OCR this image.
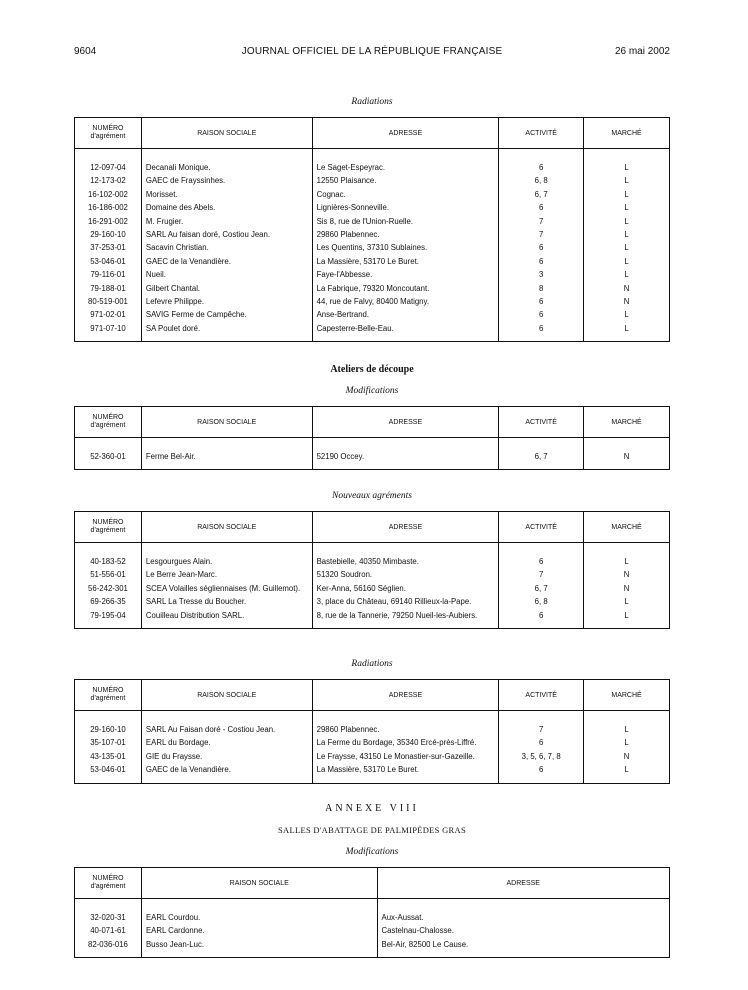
9604	JOURNAL OFFICIEL DE LA RÉPUBLIQUE FRANÇAISE	26 mai 2002
Radiations
NUMÉRO
d'agrément	RAISON SOCIALE	ADRESSE	ACTIVITÉ	MARCHÉ

12-097-04	Decanali Monique.	Le Saget-Espeyrac.	6	L
12-173-02	GAEC de Frayssinhes.	12550 Plaisance.	6, 8	L
16-102-002	Morisset.	Cognac.	6, 7	L
16-186-002	Domaine des Abels.	Lignières-Sonneville.	6	L
16-291-002	M. Frugier.	Sis 8, rue de l'Union-Ruelle.	7	L
29-160-10	SARL Au faisan doré, Costiou Jean.	29860 Plabennec.	7	L
37-253-01	Sacavin Christian.	Les Quentins, 37310 Sublaines.	6	L
53-046-01	GAEC de la Venandière.	La Massière, 53170 Le Buret.	6	L
79-116-01	Nueil.	Faye-l'Abbesse.	3	L
79-188-01	Gilbert Chantal.	La Fabrique, 79320 Moncoutant.	8	N
80-519-001	Lefevre Philippe.	44, rue de Falvy, 80400 Matigny.	6	N
971-02-01	SAVIG Ferme de Campêche.	Anse-Bertrand.	6	L
971-07-10	SA Poulet doré.	Capesterre-Belle-Eau.	6	L

Ateliers de découpe
Modifications
NUMÉRO
d'agrément	RAISON SOCIALE	ADRESSE	ACTIVITÉ	MARCHÉ

52-360-01	Ferme Bel-Air.	52190 Occey.	6, 7	N

Nouveaux agréments
NUMÉRO
d'agrément	RAISON SOCIALE	ADRESSE	ACTIVITÉ	MARCHÉ

40-183-52	Lesgourgues Alain.	Bastebielle, 40350 Mimbaste.	6	L
51-556-01	Le Berre Jean-Marc.	51320 Soudron.	7	N
56-242-301	SCEA Volailles ségliennaises (M. Guillemot).	Ker-Anna, 56160 Séglien.	6, 7	N
69-266-35	SARL La Tresse du Boucher.	3, place du Château, 69140 Rillieux-la-Pape.	6, 8	L
79-195-04	Couilleau Distribution SARL.	8, rue de la Tannerie, 79250 Nueil-les-Aubiers.	6	L

Radiations
NUMÉRO
d'agrément	RAISON SOCIALE	ADRESSE	ACTIVITÉ	MARCHÉ

29-160-10	SARL Au Faisan doré - Costiou Jean.	29860 Plabennec.	7	L
35-107-01	EARL du Bordage.	La Ferme du Bordage, 35340 Ercé-près-Liffré.	6	L
43-135-01	GIE du Fraysse.	Le Fraysse, 43150 Le Monastier-sur-Gazeille.	3, 5, 6, 7, 8	N
53-046-01	GAEC de la Venandière.	La Massière, 53170 Le Buret.	6	L

ANNEXE VIII
SALLES D'ABATTAGE DE PALMIPÈDES GRAS
Modifications
NUMÉRO
d'agrément	RAISON SOCIALE	ADRESSE

32-020-31	EARL Courdou.	Aux-Aussat.
40-071-61	EARL Cardonne.	Castelnau-Chalosse.
82-036-016	Busso Jean-Luc.	Bel-Air, 82500 Le Cause.
